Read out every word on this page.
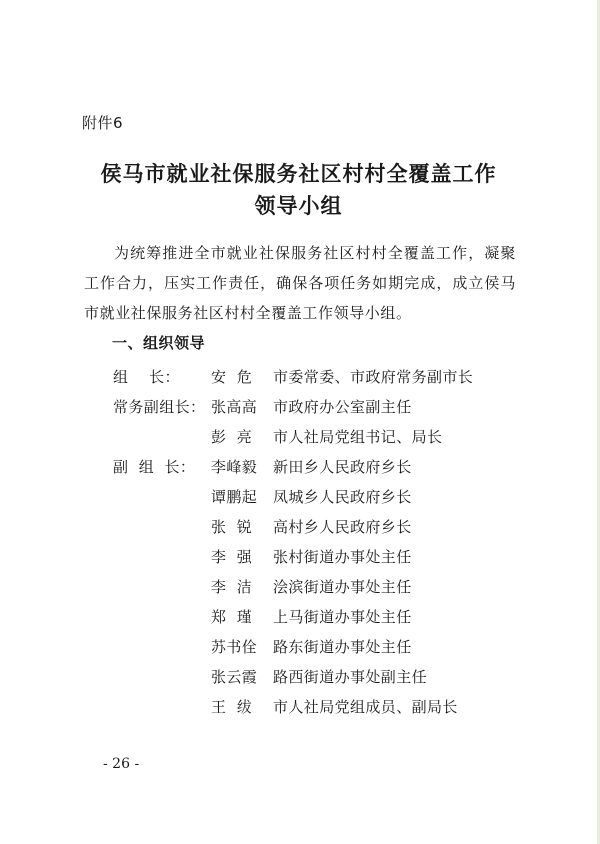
附件6
侯马市就业社保服务社区村村全覆盖工作
领导小组

为统筹推进全市就业社保服务社区村村全覆盖工作，凝聚工作合力，压实工作责任，确保各项任务如期完成，成立侯马市就业社保服务社区村村全覆盖工作领导小组。

一、组织领导
组    长： 安  危 市委常委、市政府常务副市长
常务副组长： 张高高 市政府办公室副主任
彭  亮 市人社局党组书记、局长
副  组  长： 李峰毅 新田乡人民政府乡长
谭鹏起 凤城乡人民政府乡长
张  锐 高村乡人民政府乡长
李  强 张村街道办事处主任
李  洁 浍滨街道办事处主任
郑  瑾 上马街道办事处主任
苏书佺 路东街道办事处主任
张云霞 路西街道办事处副主任
王  绂 市人社局党组成员、副局长
- 26 -
